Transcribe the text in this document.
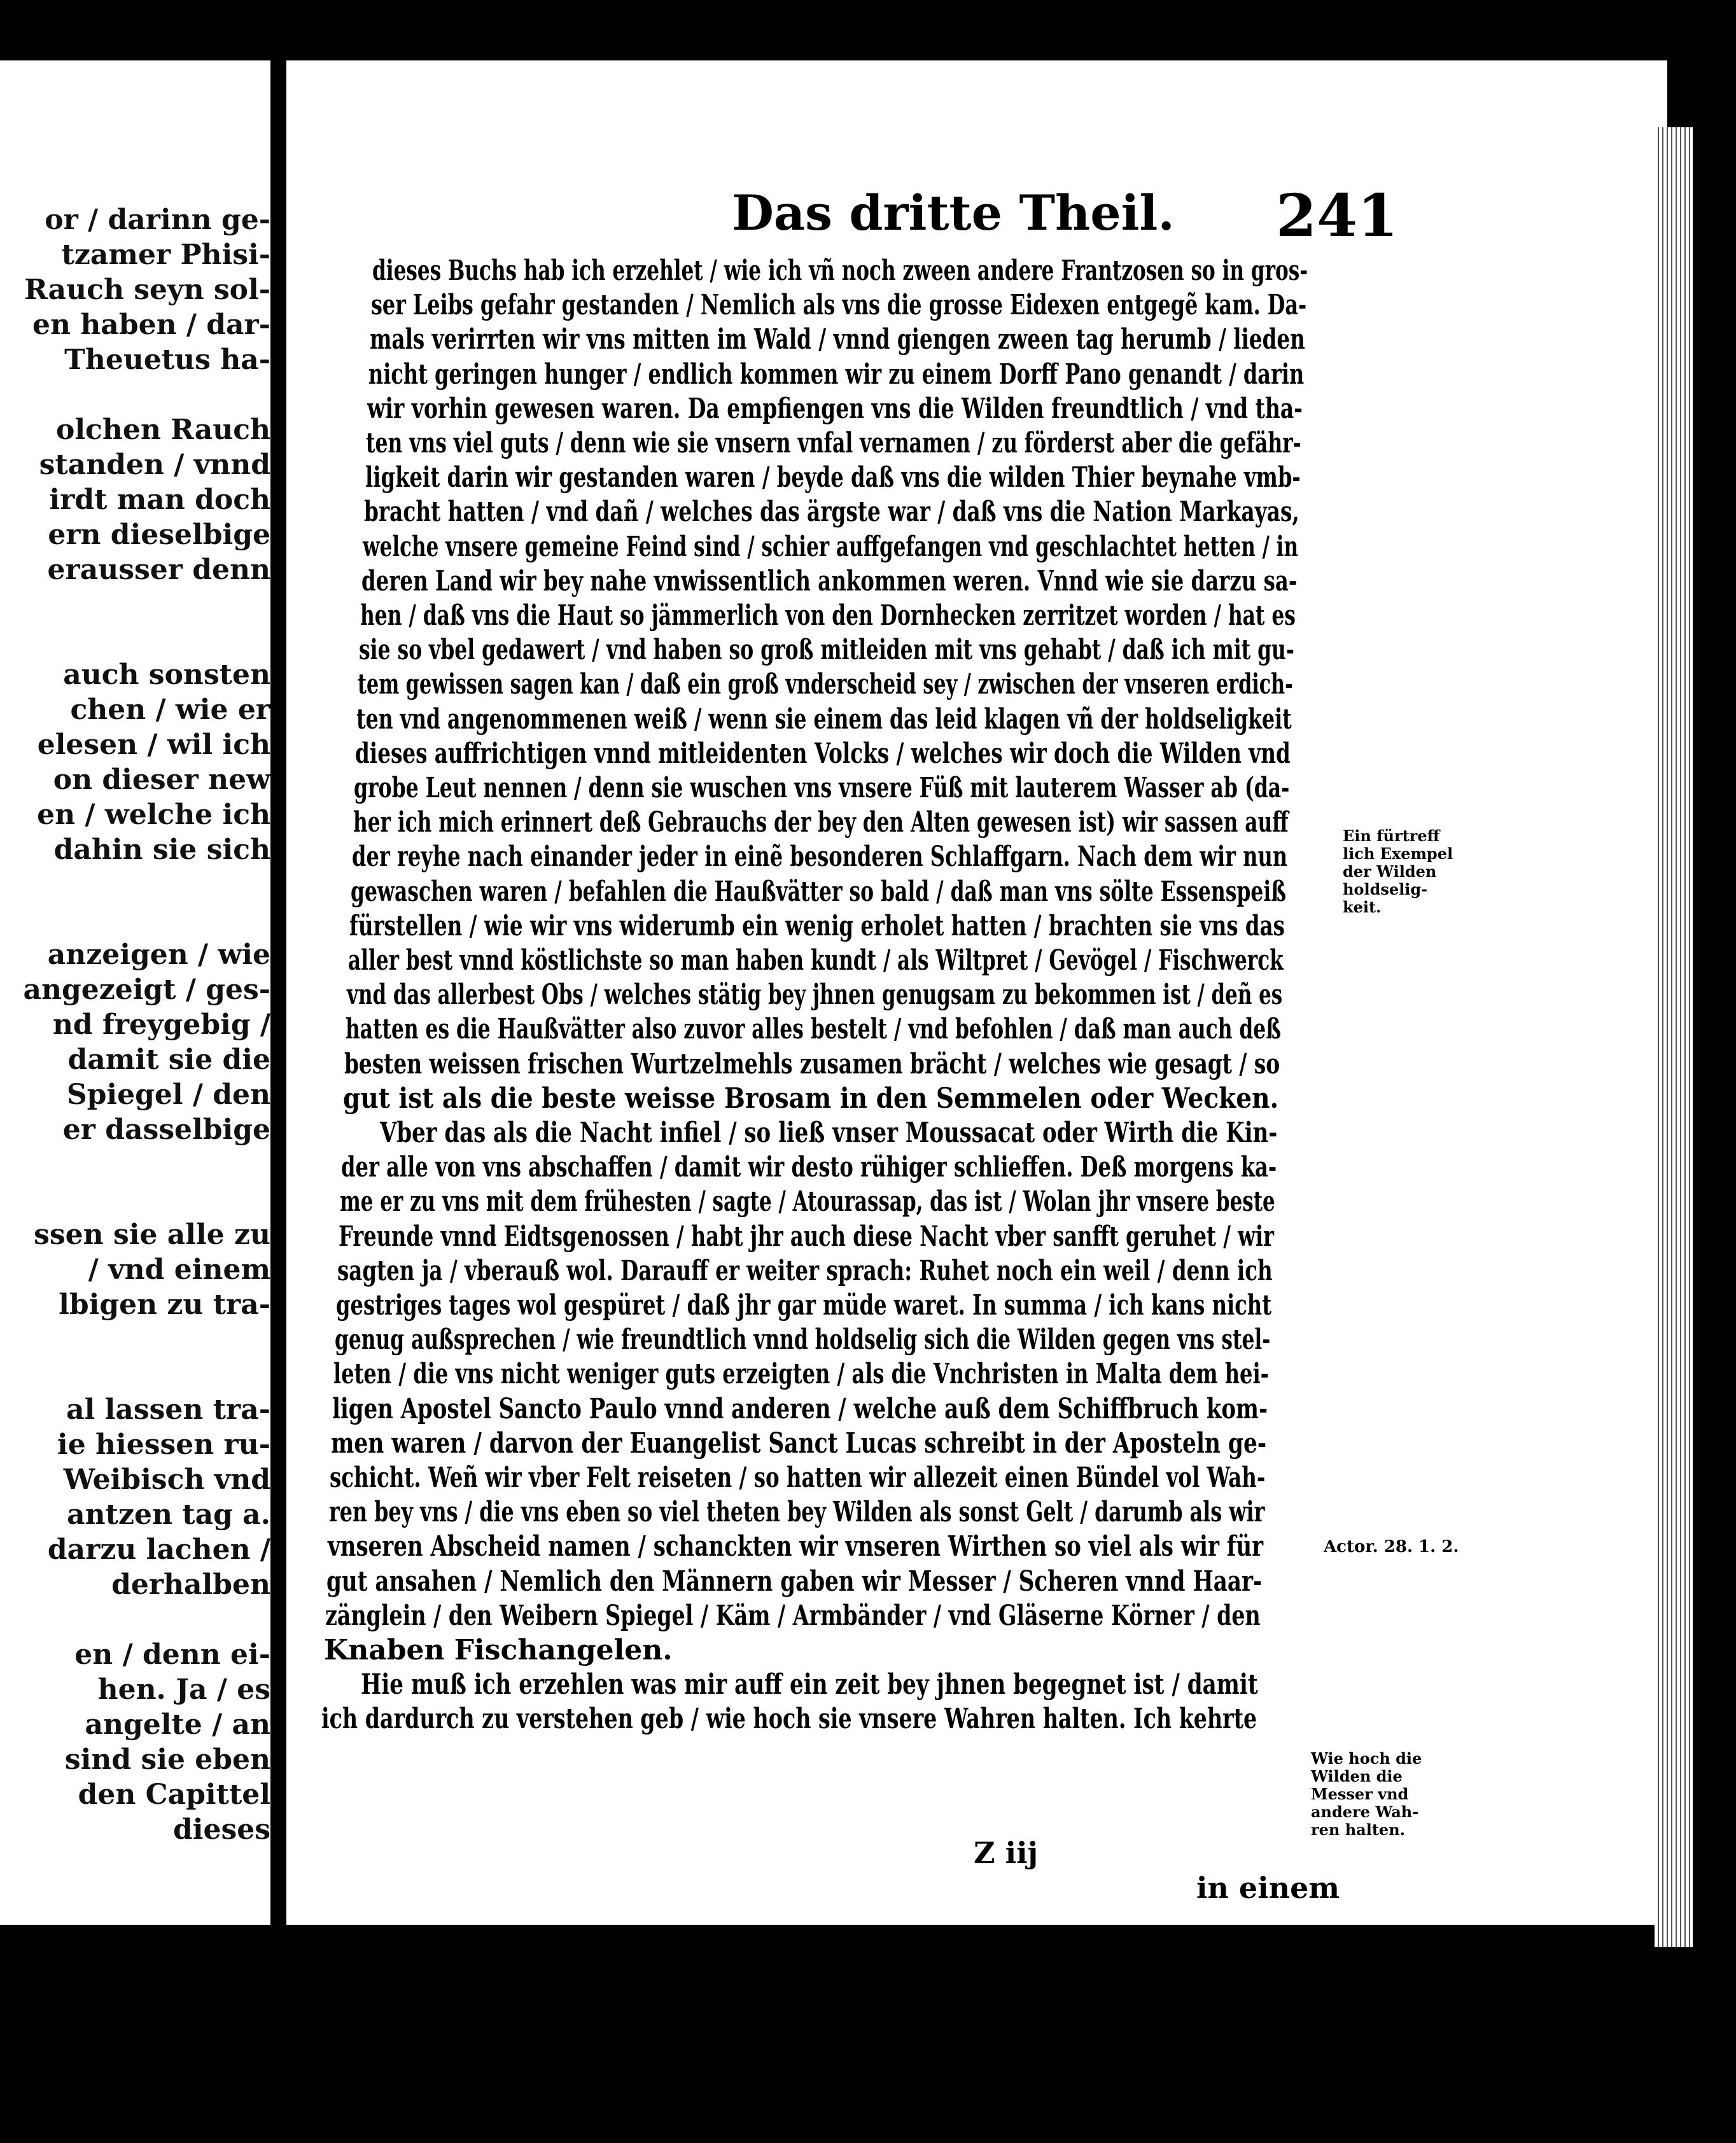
or / darinn ge-
tzamer Phisi-
Rauch seyn sol-
en haben / dar-
Theuetus ha-
olchen Rauch
standen / vnnd
irdt man doch
ern dieselbige
erausser denn
auch sonsten
chen / wie er
elesen / wil ich
on dieser new
en / welche ich
dahin sie sich
anzeigen / wie
angezeigt / ges-
nd freygebig /
damit sie die
Spiegel / den
er dasselbige
ssen sie alle zu
/ vnd einem
lbigen zu tra-
al lassen tra-
ie hiessen ru-
Weibisch vnd
antzen tag a.
darzu lachen /
derhalben
en / denn ei-
hen. Ja / es
angelte / an
sind sie eben
den Capittel
dieses
Das dritte Theil. 241
dieses Buchs hab ich erzehlet / wie ich vñ noch zween andere Frantzosen so in gros-
ser Leibs gefahr gestanden / Nemlich als vns die grosse Eidexen entgegẽ kam. Da-
mals verirrten wir vns mitten im Wald / vnnd giengen zween tag herumb / lieden
nicht geringen hunger / endlich kommen wir zu einem Dorff Pano genandt / darin
wir vorhin gewesen waren. Da empfiengen vns die Wilden freundtlich / vnd tha-
ten vns viel guts / denn wie sie vnsern vnfal vernamen / zu förderst aber die gefähr-
ligkeit darin wir gestanden waren / beyde daß vns die wilden Thier beynahe vmb-
bracht hatten / vnd dañ / welches das ärgste war / daß vns die Nation Markayas,
welche vnsere gemeine Feind sind / schier auffgefangen vnd geschlachtet hetten / in
deren Land wir bey nahe vnwissentlich ankommen weren. Vnnd wie sie darzu sa-
hen / daß vns die Haut so jämmerlich von den Dornhecken zerritzet worden / hat es
sie so vbel gedawert / vnd haben so groß mitleiden mit vns gehabt / daß ich mit gu-
tem gewissen sagen kan / daß ein groß vnderscheid sey / zwischen der vnseren erdich-
ten vnd angenommenen weiß / wenn sie einem das leid klagen vñ der holdseligkeit
dieses auffrichtigen vnnd mitleidenten Volcks / welches wir doch die Wilden vnd
grobe Leut nennen / denn sie wuschen vns vnsere Füß mit lauterem Wasser ab (da-
her ich mich erinnert deß Gebrauchs der bey den Alten gewesen ist) wir sassen auff
der reyhe nach einander jeder in einẽ besonderen Schlaffgarn. Nach dem wir nun
gewaschen waren / befahlen die Haußvätter so bald / daß man vns sölte Essenspeiß
fürstellen / wie wir vns widerumb ein wenig erholet hatten / brachten sie vns das
aller best vnnd köstlichste so man haben kundt / als Wiltpret / Gevögel / Fischwerck
vnd das allerbest Obs / welches stätig bey jhnen genugsam zu bekommen ist / deñ es
hatten es die Haußvätter also zuvor alles bestelt / vnd befohlen / daß man auch deß
besten weissen frischen Wurtzelmehls zusamen brächt / welches wie gesagt / so
gut ist als die beste weisse Brosam in den Semmelen oder Wecken.
Vber das als die Nacht infiel / so ließ vnser Moussacat oder Wirth die Kin-
der alle von vns abschaffen / damit wir desto rühiger schlieffen. Deß morgens ka-
me er zu vns mit dem frühesten / sagte / Atourassap, das ist / Wolan jhr vnsere beste
Freunde vnnd Eidtsgenossen / habt jhr auch diese Nacht vber sanfft geruhet / wir
sagten ja / vberauß wol. Darauff er weiter sprach: Ruhet noch ein weil / denn ich
gestriges tages wol gespüret / daß jhr gar müde waret. In summa / ich kans nicht
genug außsprechen / wie freundtlich vnnd holdselig sich die Wilden gegen vns stel-
leten / die vns nicht weniger guts erzeigten / als die Vnchristen in Malta dem hei-
ligen Apostel Sancto Paulo vnnd anderen / welche auß dem Schiffbruch kom-
men waren / darvon der Euangelist Sanct Lucas schreibt in der Aposteln ge-
schicht. Weñ wir vber Felt reiseten / so hatten wir allezeit einen Bündel vol Wah-
ren bey vns / die vns eben so viel theten bey Wilden als sonst Gelt / darumb als wir
vnseren Abscheid namen / schanckten wir vnseren Wirthen so viel als wir für
gut ansahen / Nemlich den Männern gaben wir Messer / Scheren vnnd Haar-
zänglein / den Weibern Spiegel / Käm / Armbänder / vnd Gläserne Körner / den
Knaben Fischangelen.
Hie muß ich erzehlen was mir auff ein zeit bey jhnen begegnet ist / damit
ich dardurch zu verstehen geb / wie hoch sie vnsere Wahren halten. Ich kehrte
Ein fürtreff
lich Exempel
der Wilden
holdselig-
keit.
Actor. 28. 1. 2.
Wie hoch die
Wilden die
Messer vnd
andere Wah-
ren halten.
Z iij
in einem
